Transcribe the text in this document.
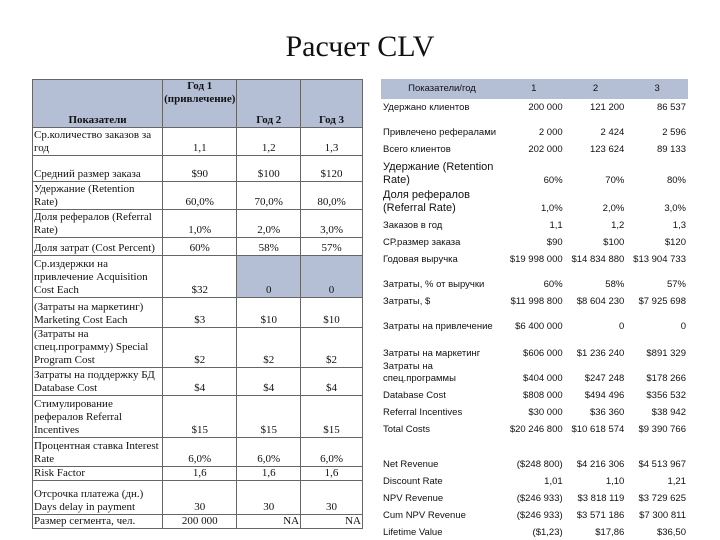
Расчет CLV
Показатели	Год 1 (привлечение)	Год 2	Год 3
Ср.количество заказов за год	1,1	1,2	1,3
Средний размер заказа	$90	$100	$120
Удержание (Retention Rate)	60,0%	70,0%	80,0%
Доля рефералов (Referral Rate)	1,0%	2,0%	3,0%
Доля затрат (Cost Percent)	60%	58%	57%
Ср.издержки на привлечение Acquisition Cost Each	$32	0	0
(Затраты на маркетинг) Marketing Cost Each	$3	$10	$10
(Затраты на спец.программу) Special Program Cost	$2	$2	$2
Затраты на поддержку БД Database Cost	$4	$4	$4
Стимулирование рефералов Referral Incentives	$15	$15	$15
Процентная ставка Interest Rate	6,0%	6,0%	6,0%
Risk Factor	1,6	1,6	1,6
Отсрочка платежа (дн.) Days delay in payment	30	30	30
Размер сегмента, чел.	200 000	NA	NA
Показатели/год	1	2	3
Удержано клиентов	200 000	121 200	86 537
Привлечено рефералами	2 000	2 424	2 596
Всего клиентов	202 000	123 624	89 133
Удержание (Retention Rate)	60%	70%	80%
Доля рефералов (Referral Rate)	1,0%	2,0%	3,0%
Заказов в год	1,1	1,2	1,3
СР.размер заказа	$90	$100	$120
Годовая выручка	$19 998 000	$14 834 880	$13 904 733
Затраты, % от выручки	60%	58%	57%
Затраты, $	$11 998 800	$8 604 230	$7 925 698
Затраты на привлечение	$6 400 000	0	0
Затраты на маркетинг	$606 000	$1 236 240	$891 329
Затраты на спец.программы	$404 000	$247 248	$178 266
Database Cost	$808 000	$494 496	$356 532
Referral Incentives	$30 000	$36 360	$38 942
Total Costs	$20 246 800	$10 618 574	$9 390 766
Net Revenue	($248 800)	$4 216 306	$4 513 967
Discount Rate	1,01	1,10	1,21
NPV Revenue	($246 933)	$3 818 119	$3 729 625
Cum NPV Revenue	($246 933)	$3 571 186	$7 300 811
Lifetime Value	($1,23)	$17,86	$36,50
